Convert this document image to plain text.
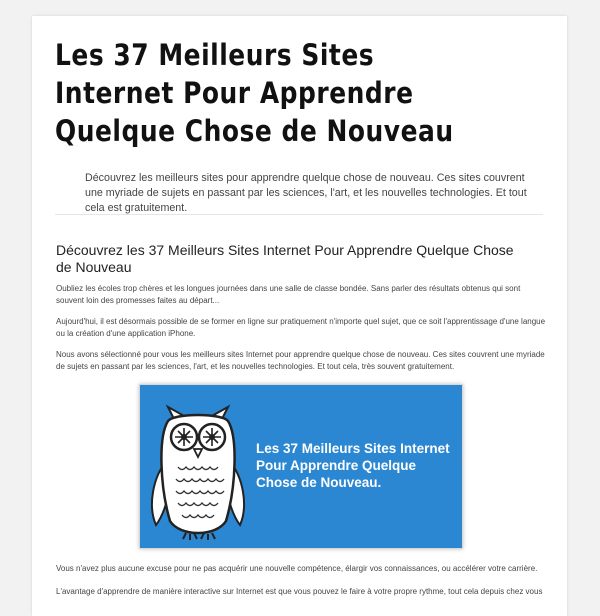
Les 37 Meilleurs Sites Internet Pour Apprendre Quelque Chose de Nouveau

Découvrez les meilleurs sites pour apprendre quelque chose de nouveau. Ces sites couvrent une myriade de sujets en passant par les sciences, l'art, et les nouvelles technologies. Et tout cela est gratuitement.

Découvrez les 37 Meilleurs Sites Internet Pour Apprendre Quelque Chose de Nouveau

Oubliez les écoles trop chères et les longues journées dans une salle de classe bondée. Sans parler des résultats obtenus qui sont souvent loin des promesses faites au départ...

Aujourd'hui, il est désormais possible de se former en ligne sur pratiquement n'importe quel sujet, que ce soit l'apprentissage d'une langue ou la création d'une application iPhone.

Nous avons sélectionné pour vous les meilleurs sites Internet pour apprendre quelque chose de nouveau. Ces sites couvrent une myriade de sujets en passant par les sciences, l'art, et les nouvelles technologies. Et tout cela, très souvent gratuitement.

Les 37 Meilleurs Sites Internet Pour Apprendre Quelque Chose de Nouveau.

Vous n'avez plus aucune excuse pour ne pas acquérir une nouvelle compétence, élargir vos connaissances, ou accélérer votre carrière.

L'avantage d'apprendre de manière interactive sur Internet est que vous pouvez le faire à votre propre rythme, tout cela depuis chez vous
